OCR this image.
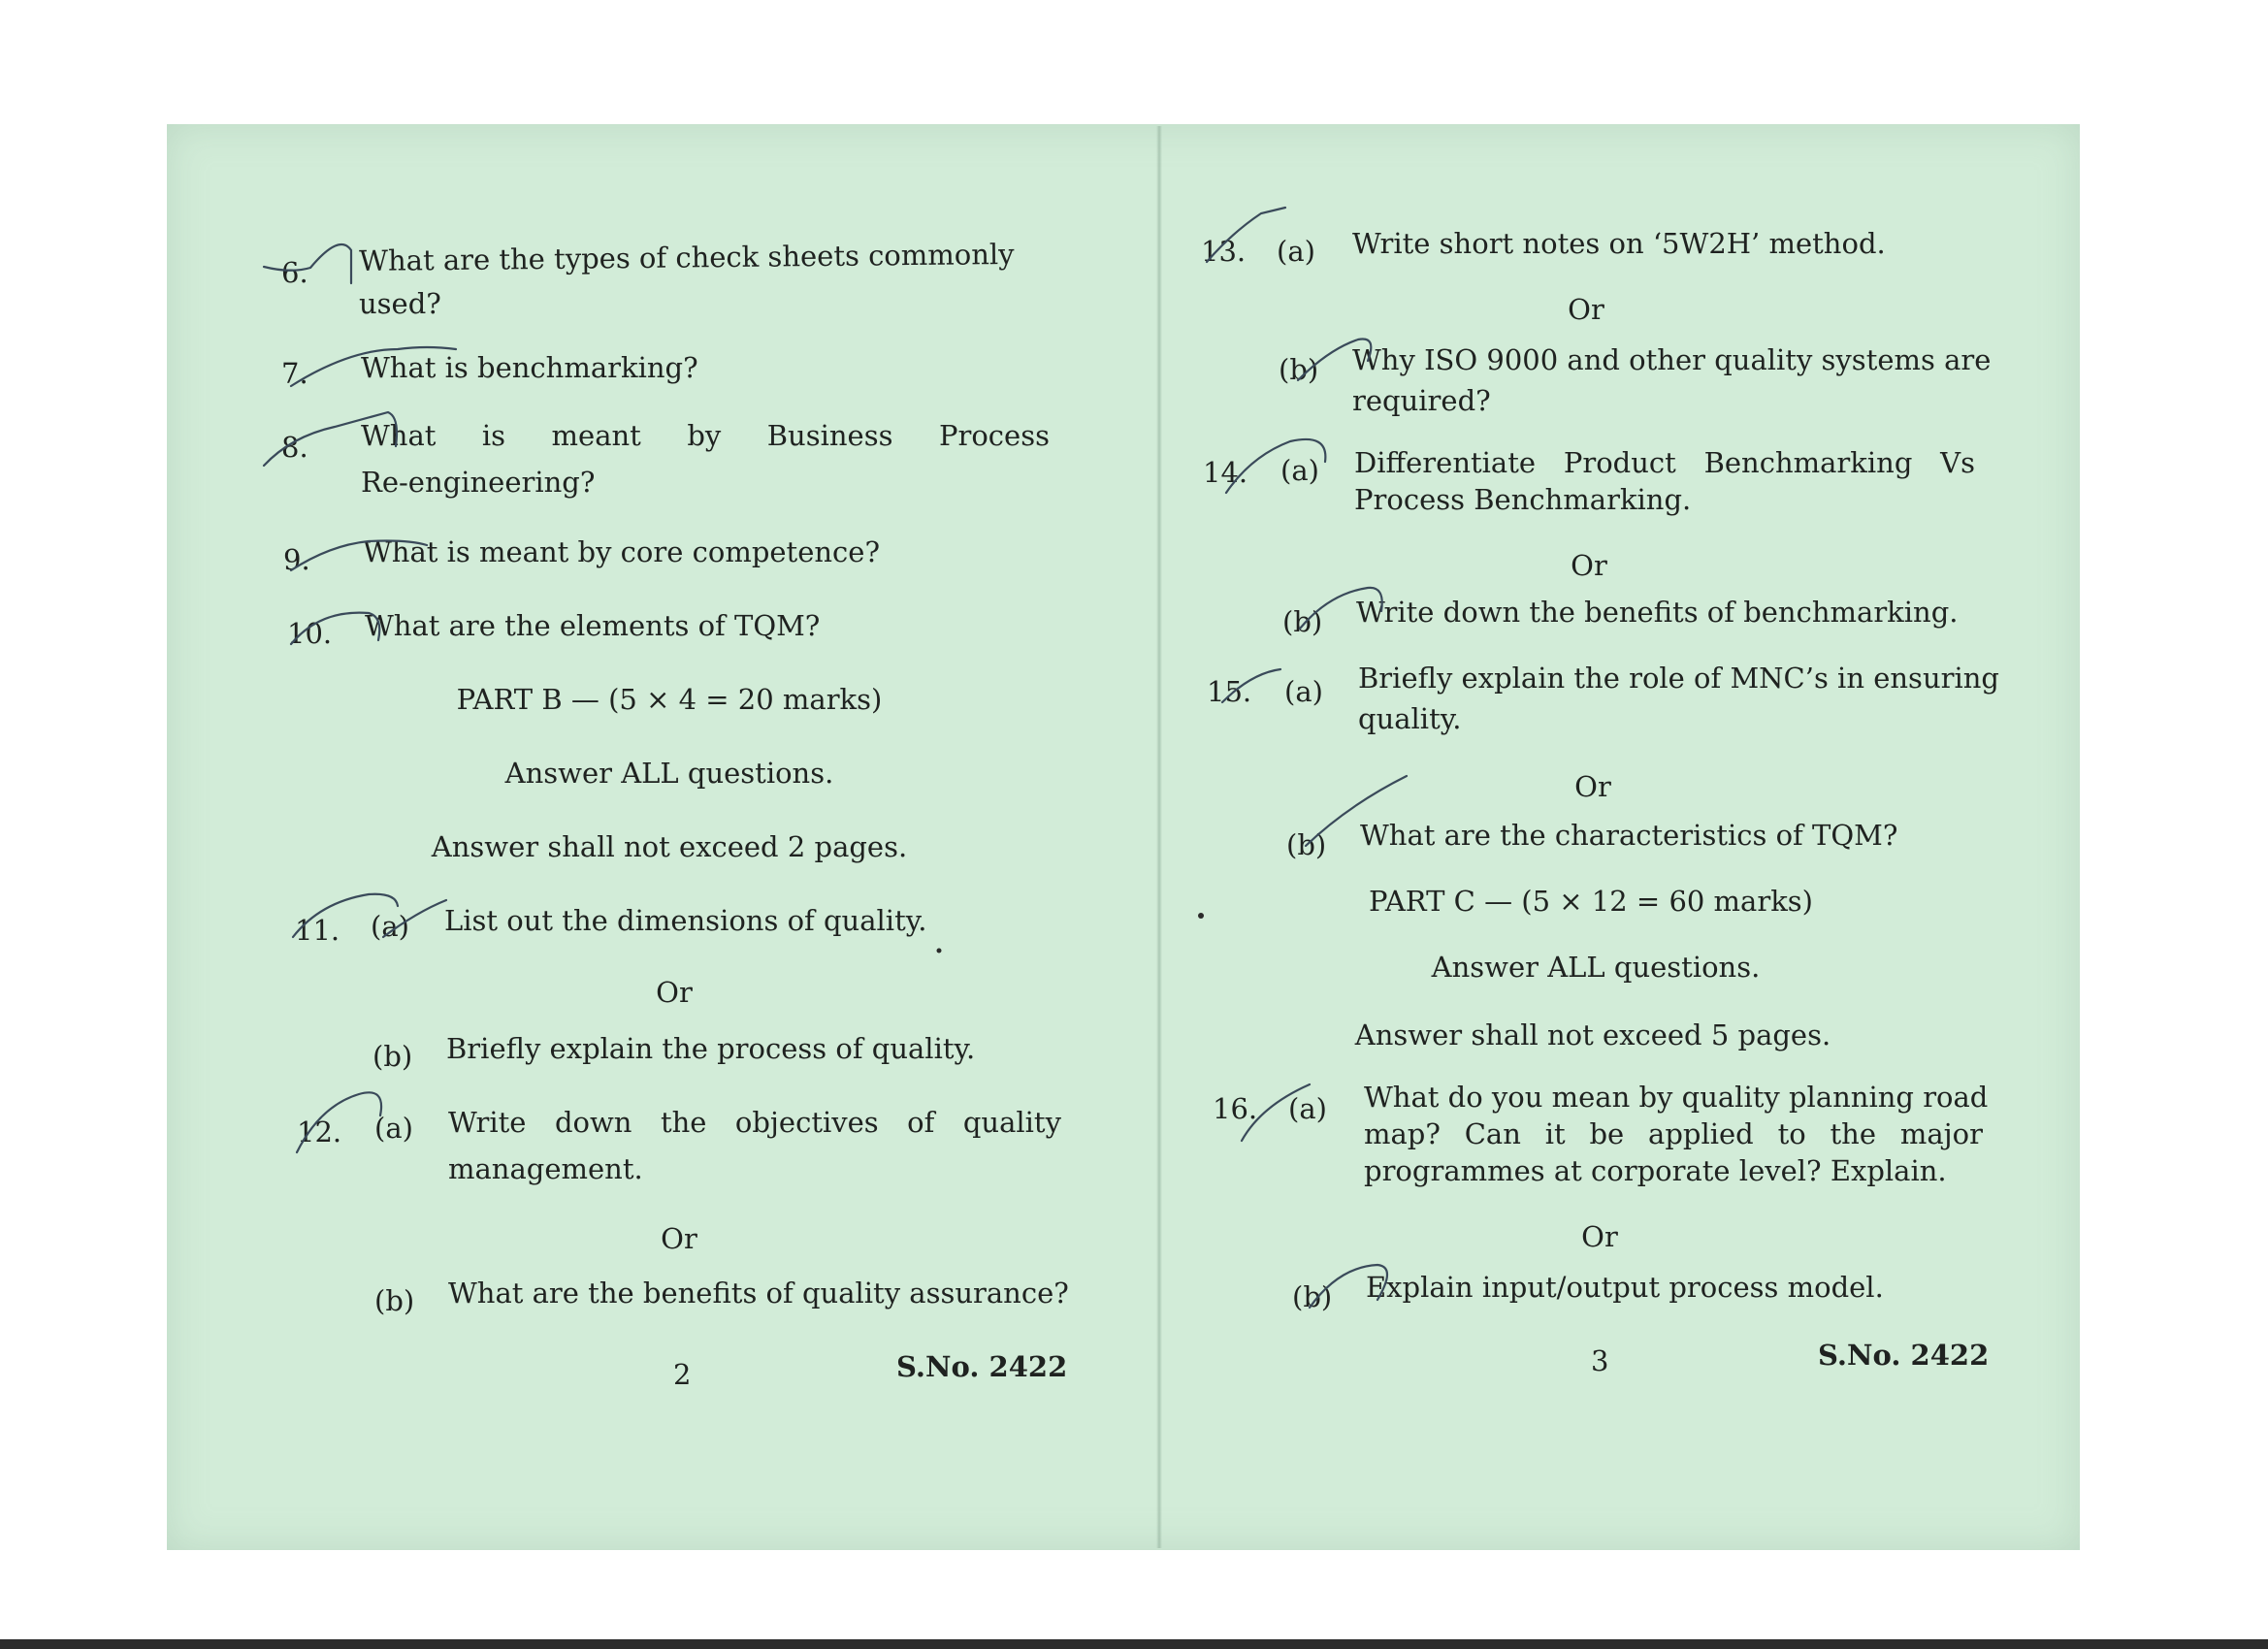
6. What are the types of check sheets commonly
used?
7. What is benchmarking?
8. What is meant by Business Process
Re-engineering?
9. What is meant by core competence?
10. What are the elements of TQM?
PART B — (5 × 4 = 20 marks)
Answer ALL questions.
Answer shall not exceed 2 pages.
11. (a) List out the dimensions of quality.
Or
(b) Briefly explain the process of quality.
12. (a) Write down the objectives of quality
management.
Or
(b) What are the benefits of quality assurance?
2	S.No. 2422
13. (a) Write short notes on ‘5W2H’ method.
Or
(b) Why ISO 9000 and other quality systems are
required?
14. (a) Differentiate Product Benchmarking Vs
Process Benchmarking.
Or
(b) Write down the benefits of benchmarking.
15. (a) Briefly explain the role of MNC’s in ensuring
quality.
Or
(b) What are the characteristics of TQM?
PART C — (5 × 12 = 60 marks)
Answer ALL questions.
Answer shall not exceed 5 pages.
16. (a) What do you mean by quality planning road
map? Can it be applied to the major
programmes at corporate level? Explain.
Or
(b) Explain input/output process model.
3	S.No. 2422
